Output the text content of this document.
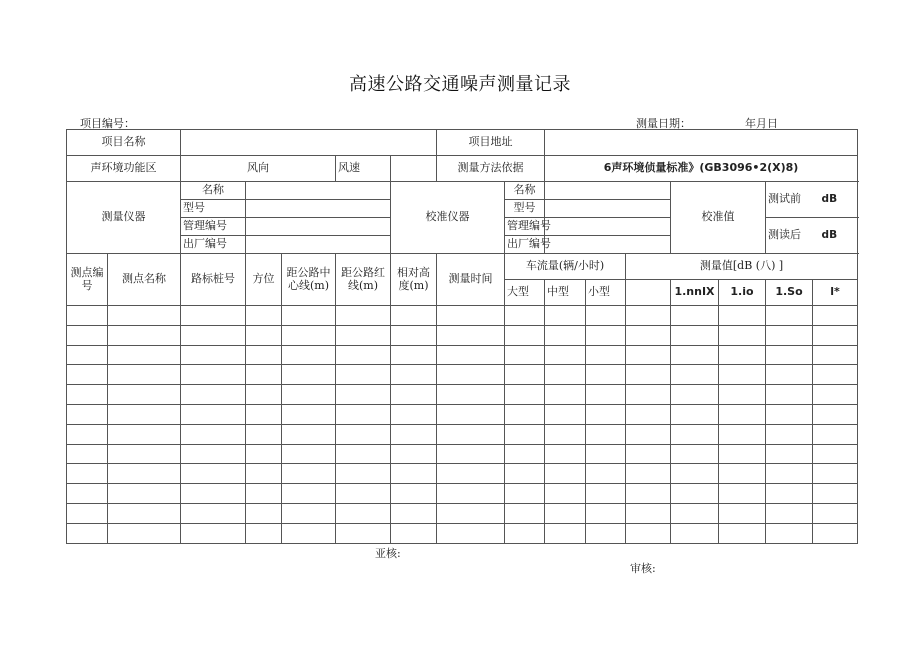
高速公路交通噪声测量记录
项目编号：	测量日期：	年月日
项目名称							项目地址								
声环境功能区		风向			风速		测量方法依据		6声环境侦量标准》(GB3096•2(X)8)						
测量仪器		名称				校准仪器		名称				校准值		测试前 dB	

		型号						型号							
		管理编号						管理编号						测读后 dB	

		出厂编号						出厂编号							
测点编号	测点名称	路标桩号	方位	距公路中心线(m)	距公路红线(m)	相对高度(m)	测量时间	车流量(辆/小时)			测量值[dB (八) ]				
								大型	中型	小型		1.nnIX	1.io	1.So	l*

亚核:
审核:
